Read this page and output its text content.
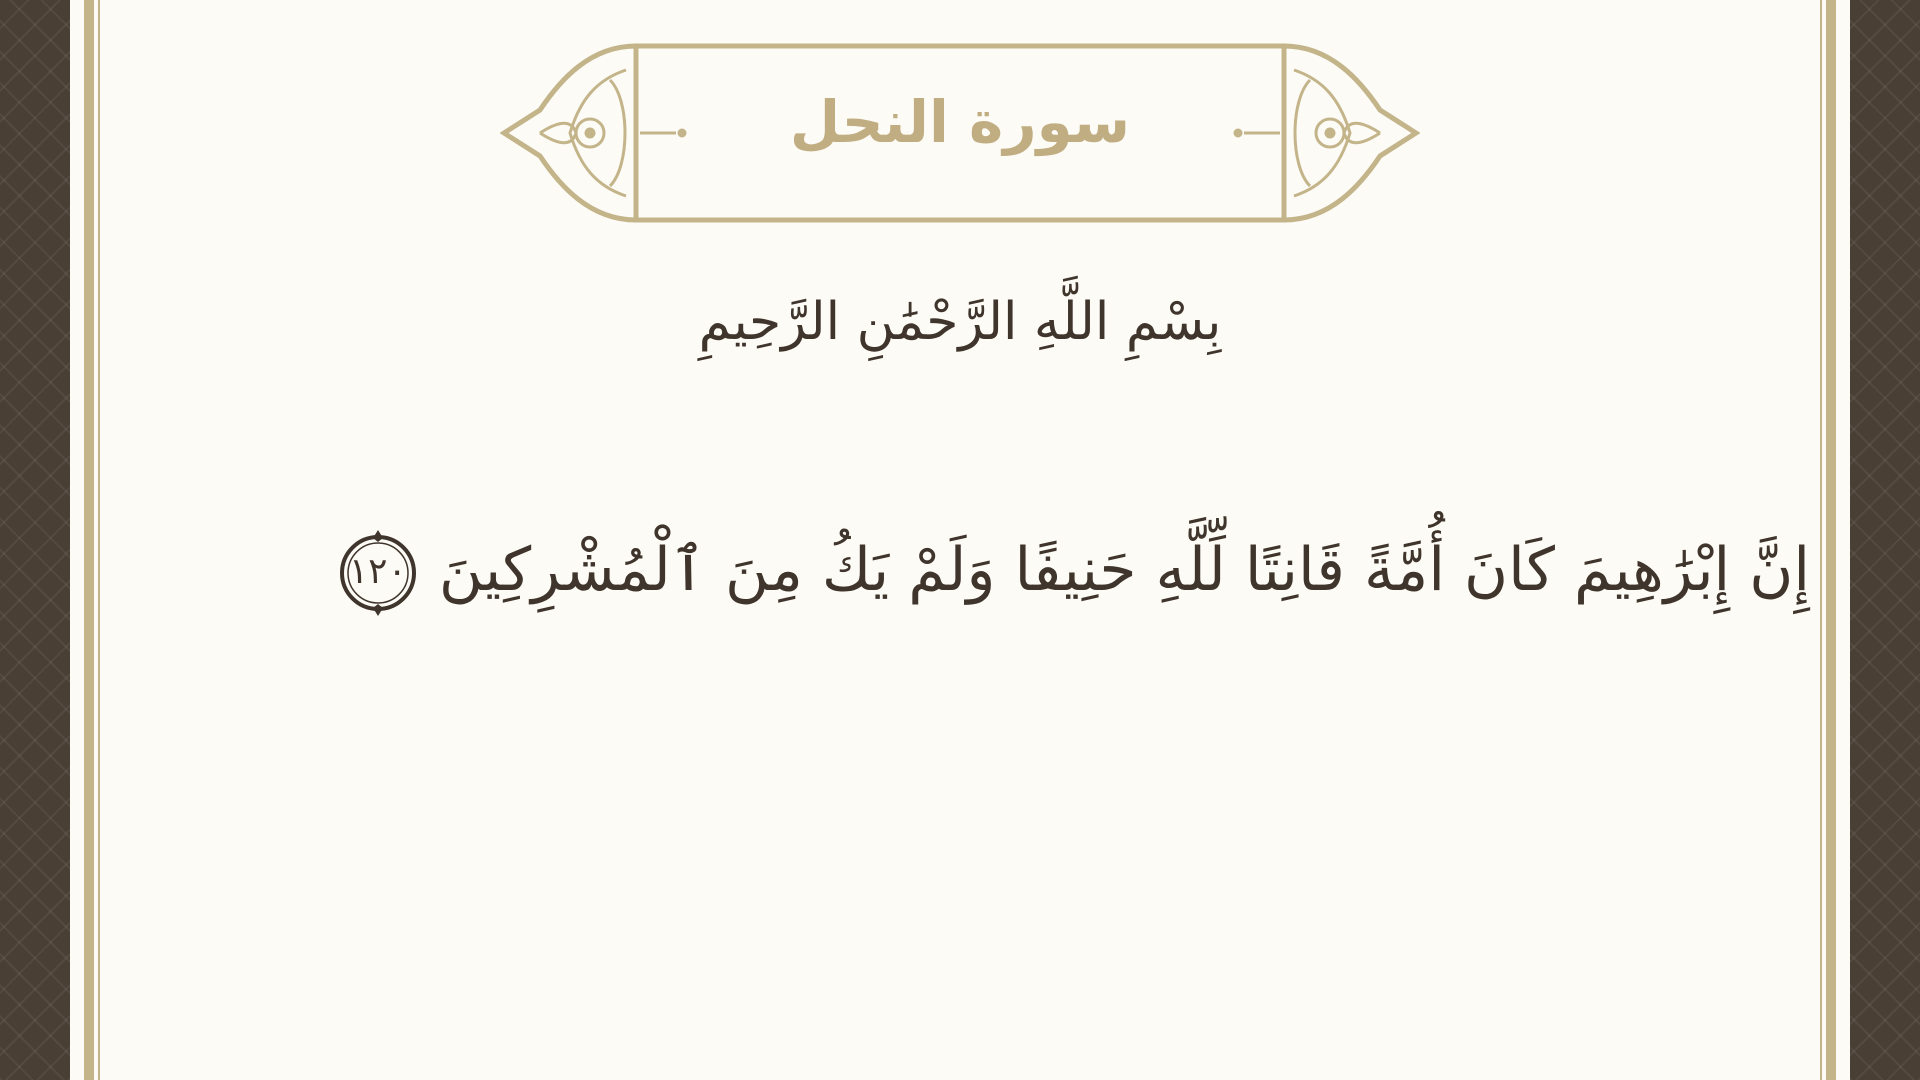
سورة النحل
بِسْمِ اللَّهِ الرَّحْمَٰنِ الرَّحِيمِ
إِنَّ إِبْرَٰهِيمَ كَانَ أُمَّةً قَانِتًا لِّلَّهِ حَنِيفًا وَلَمْ يَكُ مِنَ ٱلْمُشْرِكِينَ
١٢٠
